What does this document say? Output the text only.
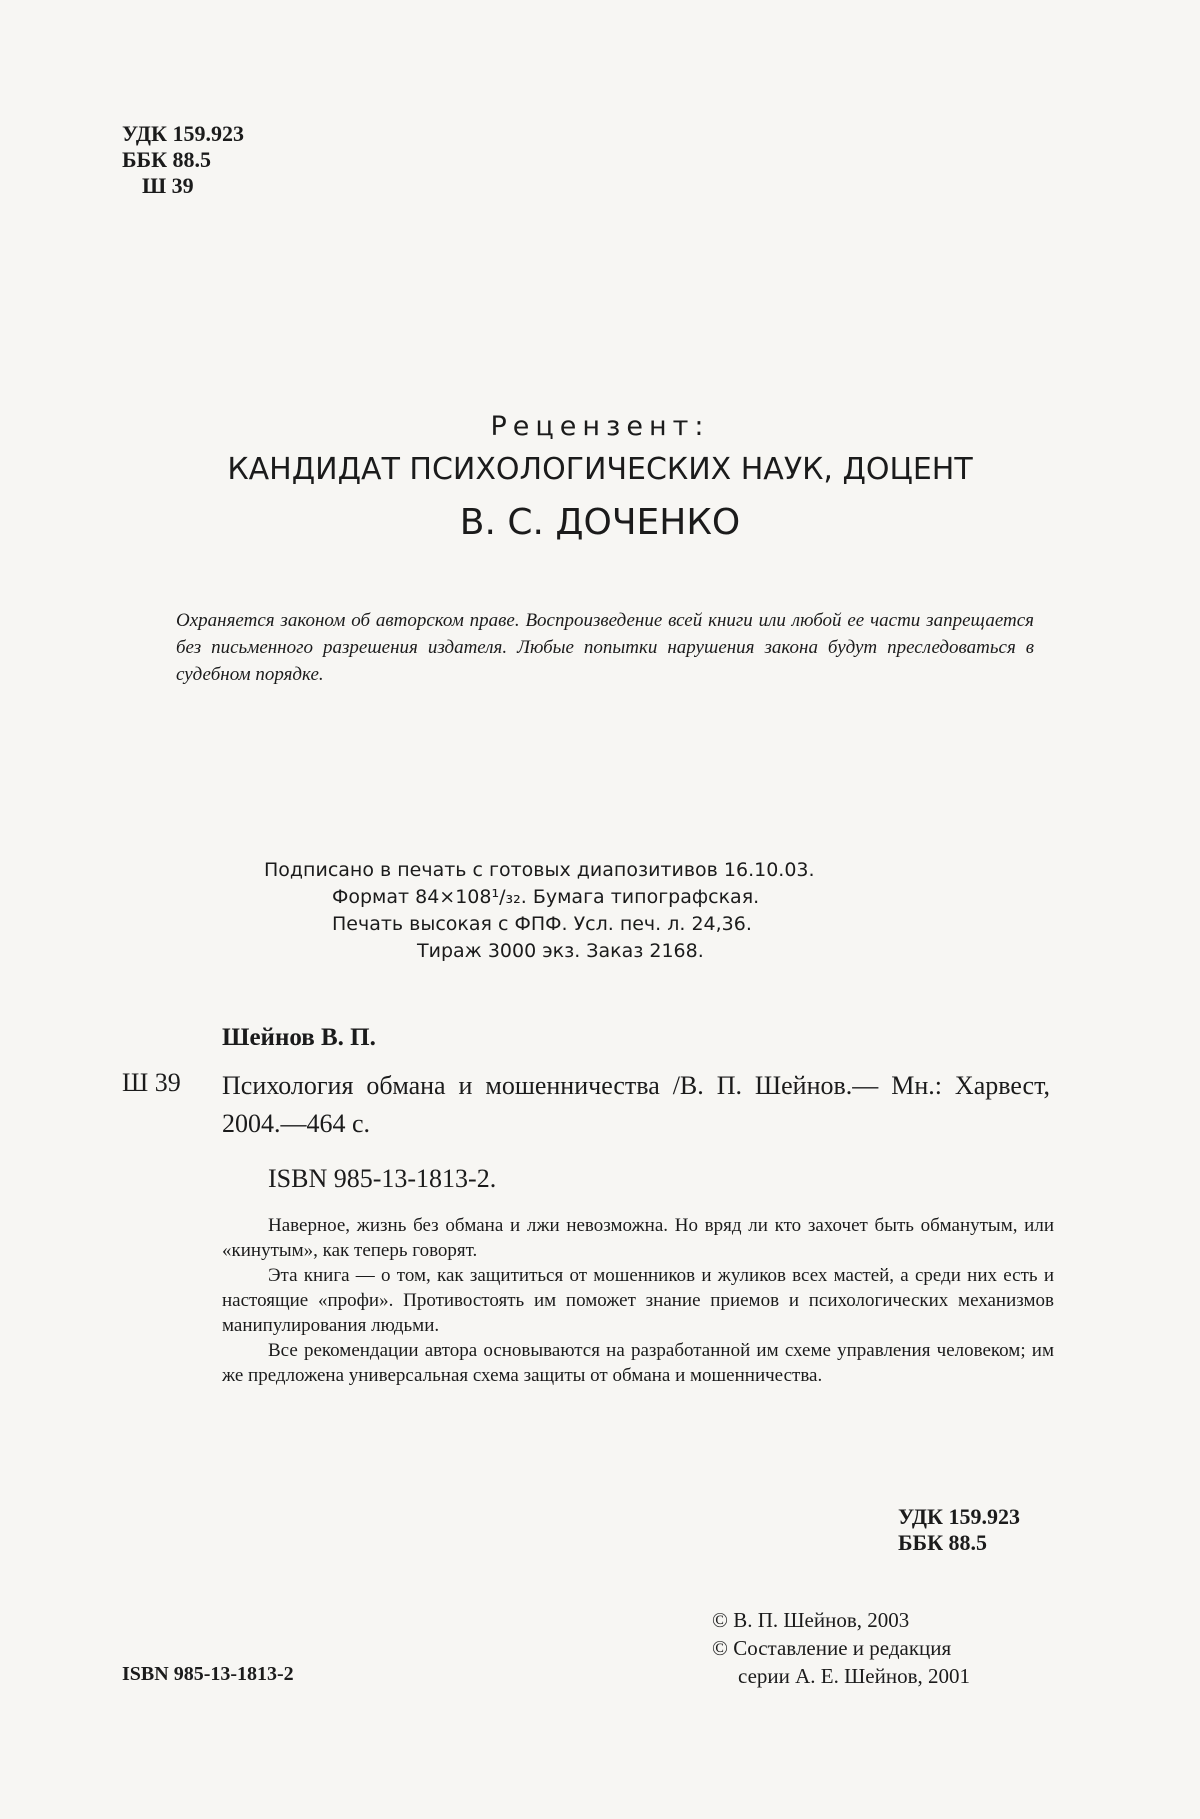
УДК 159.923
ББК 88.5
Ш 39
Рецензент:
КАНДИДАТ ПСИХОЛОГИЧЕСКИХ НАУК, ДОЦЕНТ
В. С. ДОЧЕНКО
Охраняется законом об авторском праве. Воспроизведение всей книги или любой ее части запрещается без письменного разрешения издателя. Любые попытки нарушения закона будут преследоваться в судебном порядке.
Подписано в печать с готовых диапозитивов 16.10.03.
Формат 84×108¹/₃₂. Бумага типографская.
Печать высокая с ФПФ. Усл. печ. л. 24,36.
Тираж 3000 экз. Заказ 2168.
Шейнов В. П.
Ш 39 Психология обмана и мошенничества /В. П. Шейнов.— Мн.: Харвест, 2004.—464 с.
ISBN 985-13-1813-2.

Наверное, жизнь без обмана и лжи невозможна. Но вряд ли кто захочет быть обманутым, или «кинутым», как теперь говорят.

Эта книга — о том, как защититься от мошенников и жуликов всех мастей, а среди них есть и настоящие «профи». Противостоять им поможет знание приемов и психологических механизмов манипулирования людьми.

Все рекомендации автора основываются на разработанной им схеме управления человеком; им же предложена универсальная схема защиты от обмана и мошенничества.

УДК 159.923
ББК 88.5
© В. П. Шейнов, 2003
© Составление и редакция
серии А. Е. Шейнов, 2001
ISBN 985-13-1813-2
